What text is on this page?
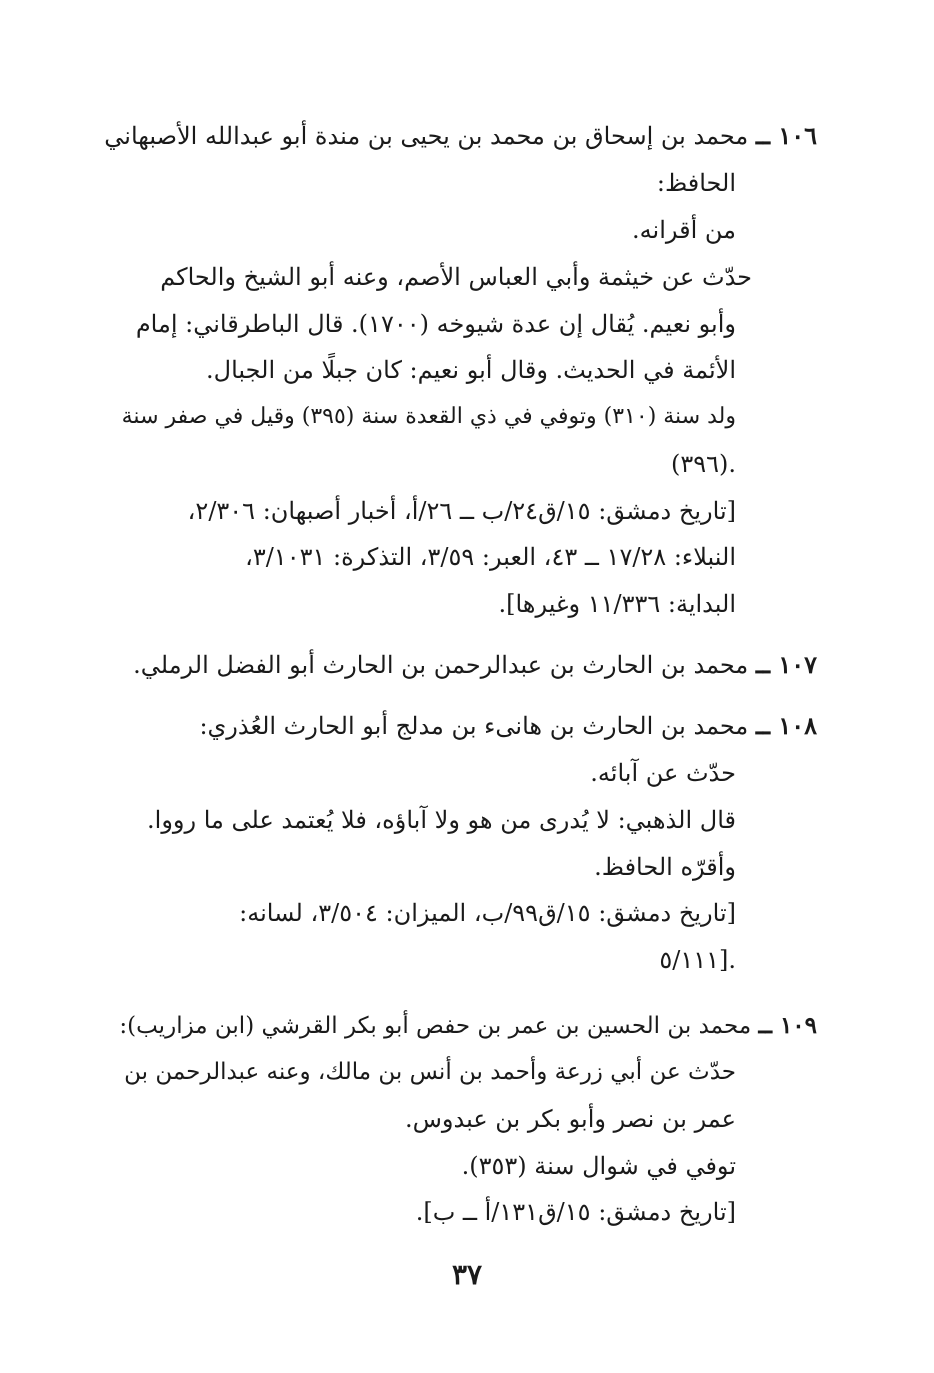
١٠٦ ــ محمد بن إسحاق بن محمد بن يحيى بن مندة أبو عبدالله الأصبهاني
الحافظ:
من أقرانه.
حدّث عن خيثمة وأبي العباس الأصم، وعنه أبو الشيخ والحاكم
وأبو نعيم. يُقال إن عدة شيوخه (١٧٠٠). قال الباطرقاني: إمام
الأئمة في الحديث. وقال أبو نعيم: كان جبلًا من الجبال.
ولد سنة (٣١٠) وتوفي في ذي القعدة سنة (٣٩٥) وقيل في صفر سنة
(٣٩٦).
[تاريخ دمشق: ١٥/ق٢٤/ب ــ ٢٦/أ، أخبار أصبهان: ٢/٣٠٦،
النبلاء: ١٧/٢٨ ــ ٤٣، العبر: ٣/٥٩، التذكرة: ٣/١٠٣١،
البداية: ١١/٣٣٦ وغيرها].
١٠٧ ــ محمد بن الحارث بن عبدالرحمن بن الحارث أبو الفضل الرملي.
١٠٨ ــ محمد بن الحارث بن هانىء بن مدلج أبو الحارث العُذري:
حدّث عن آبائه.
قال الذهبي: لا يُدرى من هو ولا آباؤه، فلا يُعتمد على ما رووا.
وأقرّه الحافظ.
[تاريخ دمشق: ١٥/ق٩٩/ب، الميزان: ٣/٥٠٤، لسانه:
٥/١١١].
١٠٩ ــ محمد بن الحسين بن عمر بن حفص أبو بكر القرشي (ابن مزاريب):
حدّث عن أبي زرعة وأحمد بن أنس بن مالك، وعنه عبدالرحمن بن
عمر بن نصر وأبو بكر بن عبدوس.
توفي في شوال سنة (٣٥٣).
[تاريخ دمشق: ١٥/ق١٣١/أ ــ ب].
٣٧
